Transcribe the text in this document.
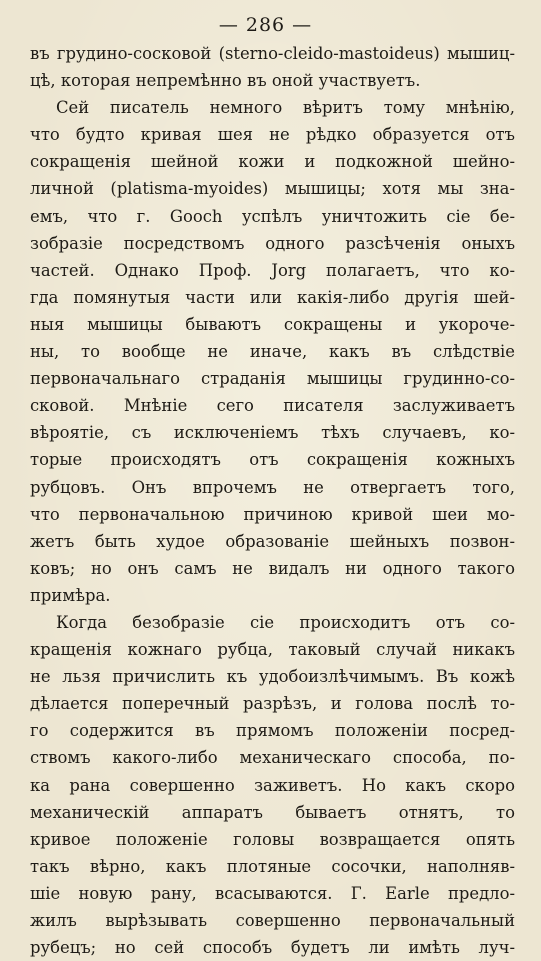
— 286 —
въ грудино-сосковой (sterno-cleido-mastoideus) мышиц-
цѣ, которая непремѣнно въ оной участвуетъ.
Сей писатель немного вѣритъ тому мнѣнію,
что будто кривая шея не рѣдко образуется отъ
сокращенія шейной кожи и подкожной шейно-
личной (platisma-myoides) мышицы; хотя мы зна-
емъ, что г. Gooch успѣлъ уничтожить сіе бе-
зобразіе посредствомъ одного разсѣченія оныхъ
частей. Однако Проф. Jorg полагаетъ, что ко-
гда помянутыя части или какія-либо другія шей-
ныя мышицы бываютъ сокращены и укороче-
ны, то вообще не иначе, какъ въ слѣдствіе
первоначальнаго страданія мышицы грудинно-со-
сковой. Мнѣніе сего писателя заслуживаетъ
вѣроятіе, съ исключеніемъ тѣхъ случаевъ, ко-
торые происходятъ отъ сокращенія кожныхъ
рубцовъ. Онъ впрочемъ не отвергаетъ того,
что первоначальною причиною кривой шеи мо-
жетъ быть худое образованіе шейныхъ позвон-
ковъ; но онъ самъ не видалъ ни одного такого
примѣра.
Когда безобразіе сіе происходитъ отъ со-
кращенія кожнаго рубца, таковый случай никакъ
не льзя причислить къ удобоизлѣчимымъ. Въ кожѣ
дѣлается поперечный разрѣзъ, и голова послѣ то-
го содержится въ прямомъ положеніи посред-
ствомъ какого-либо механическаго способа, по-
ка рана совершенно заживетъ. Но какъ скоро
механическій аппаратъ бываетъ отнятъ, то
кривое положеніе головы возвращается опять
такъ вѣрно, какъ плотяные сосочки, наполняв-
шіе новую рану, всасываются. Г. Earle предло-
жилъ вырѣзывать совершенно первоначальный
рубецъ; но сей способъ будетъ ли имѣть луч-
